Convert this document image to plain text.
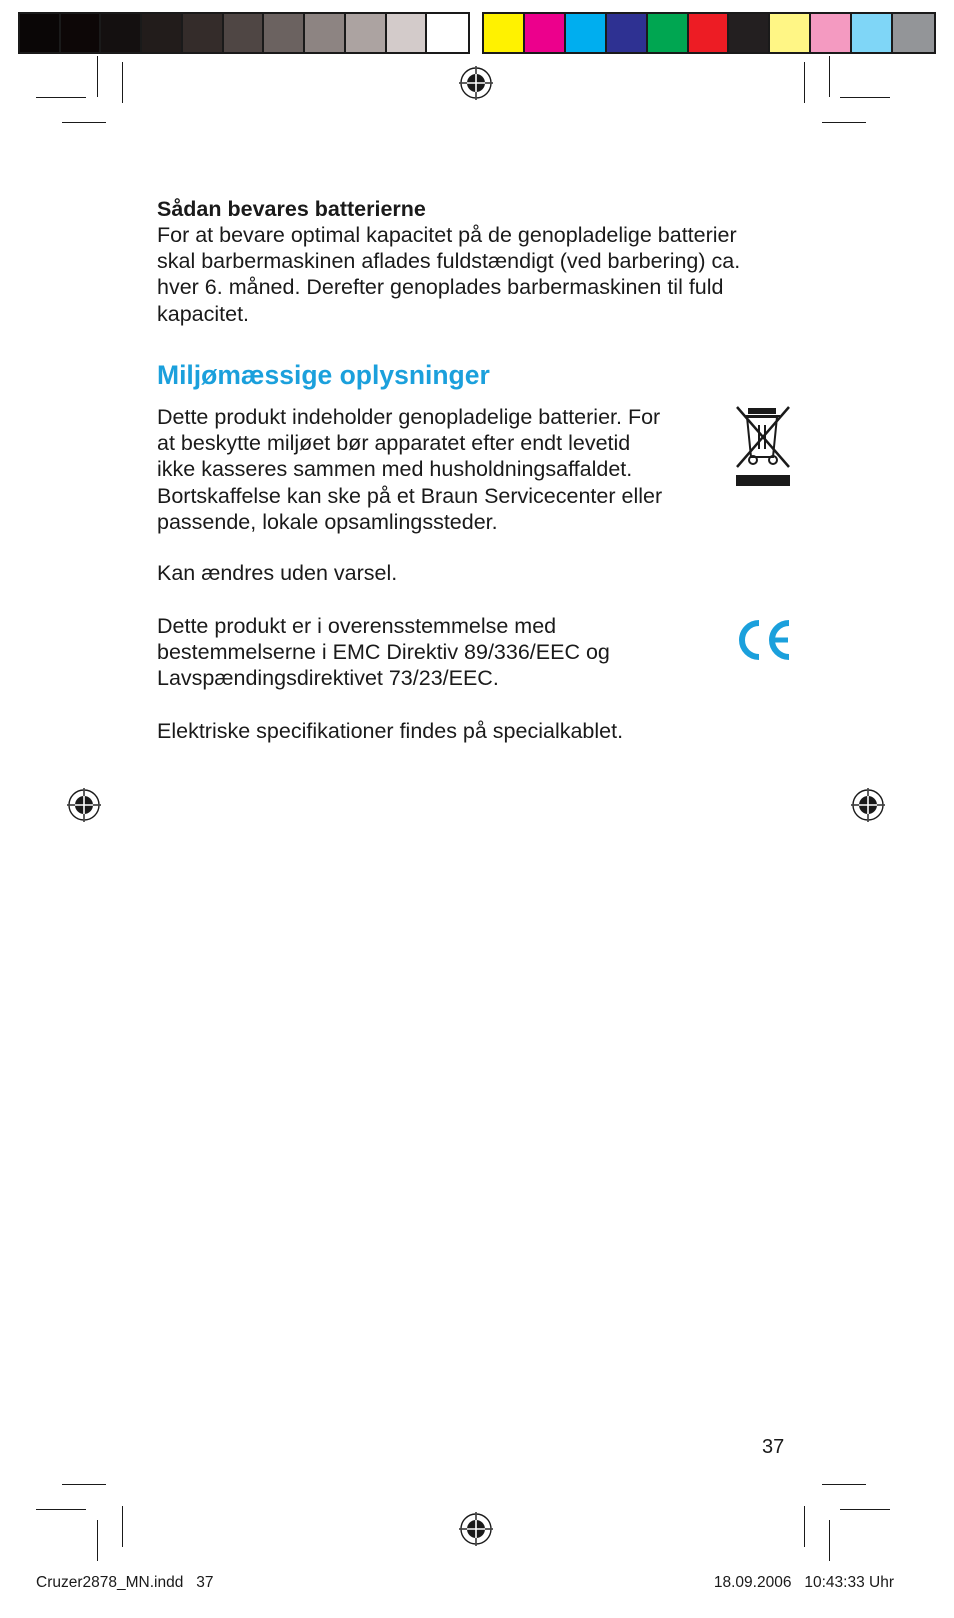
Sådan bevares batterierne

For at bevare optimal kapacitet på de genopladelige batterier
skal barbermaskinen aflades fuldstændigt (ved barbering) ca.
hver 6. måned. Derefter genoplades barbermaskinen til fuld
kapacitet.

Miljømæssige oplysninger

Dette produkt indeholder genopladelige batterier. For
at beskytte miljøet bør apparatet efter endt levetid
ikke kasseres sammen med husholdningsaffaldet.
Bortskaffelse kan ske på et Braun Servicecenter eller
passende, lokale opsamlingssteder.

Kan ændres uden varsel.

Dette produkt er i overensstemmelse med
bestemmelserne i EMC Direktiv 89/336/EEC og
Lavspændingsdirektivet 73/23/EEC.

Elektriske specifikationer findes på specialkablet.

37
Cruzer2878_MN.indd   37	18.09.2006   10:43:33 Uhr
